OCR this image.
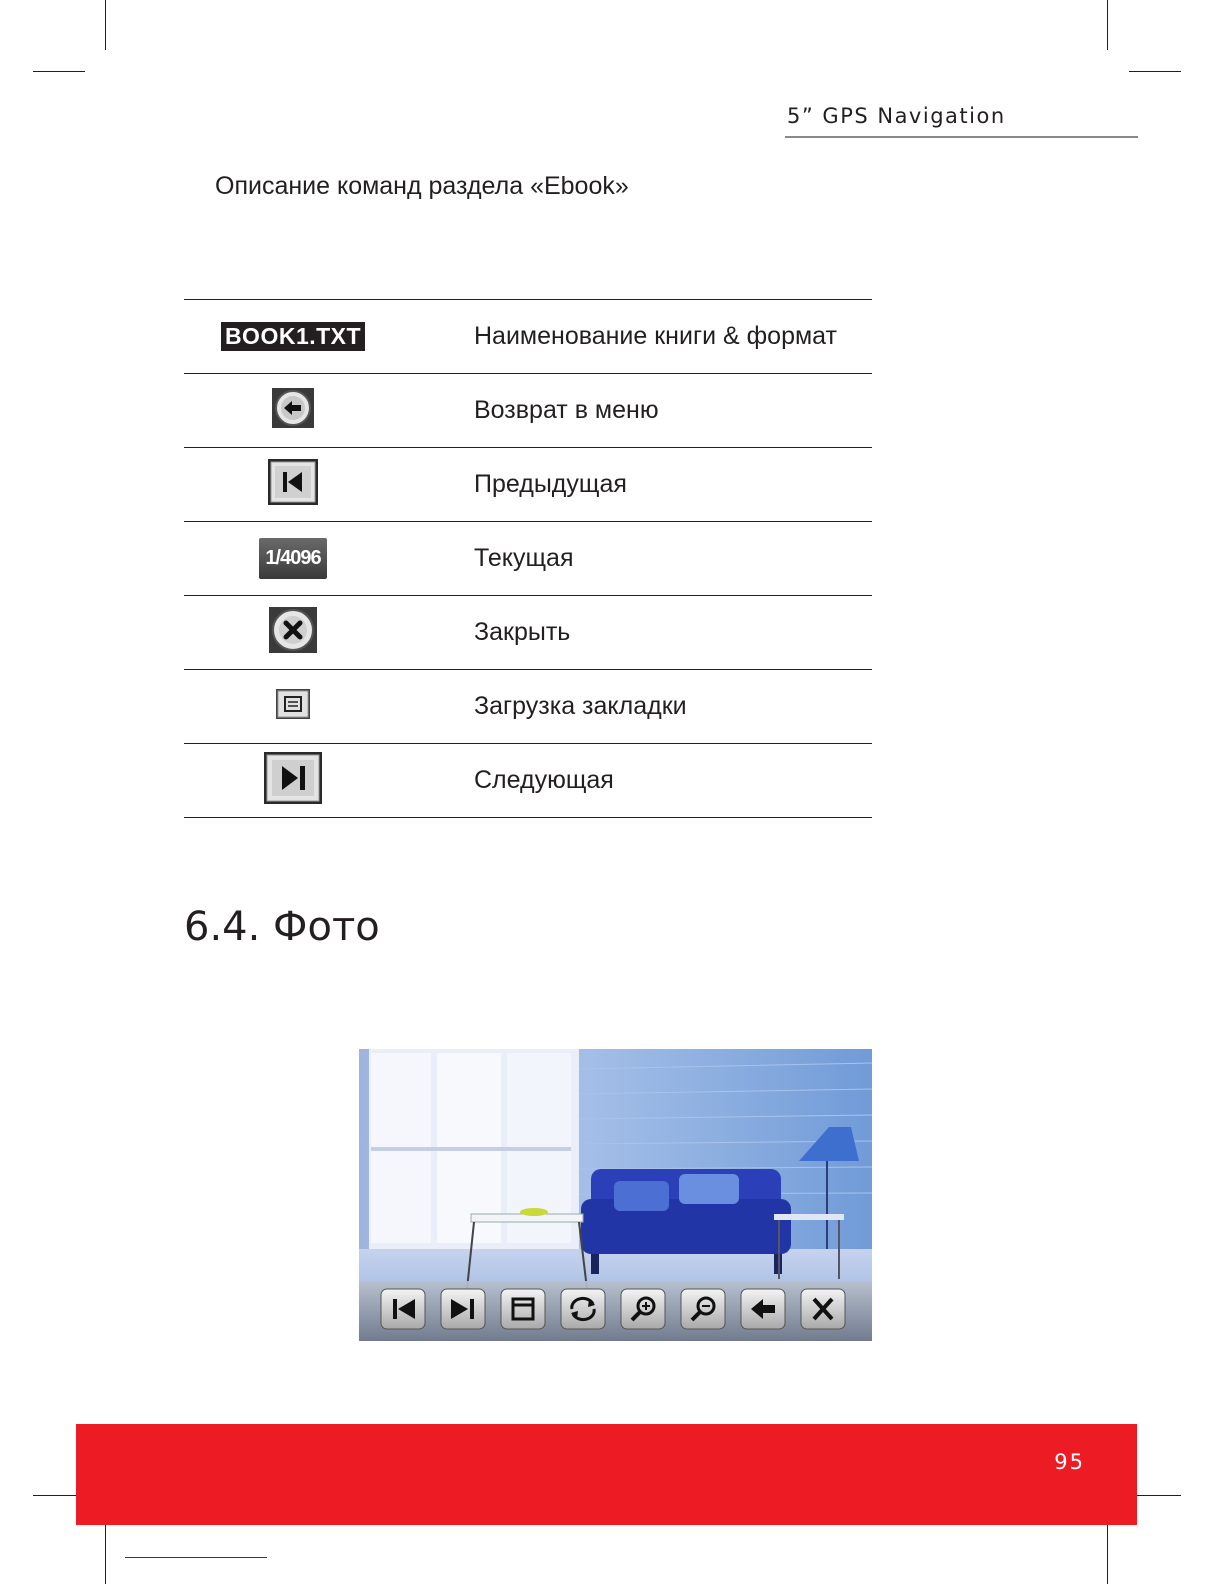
5” GPS Navigation
Описание команд раздела «Ebook»
BOOK1.TXT	Наименование книги & формат
	Возврат в меню
	Предыдущая
1/4096	Текущая
	Закрыть
	Загрузка закладки
	Следующая
6.4. Фото
95
